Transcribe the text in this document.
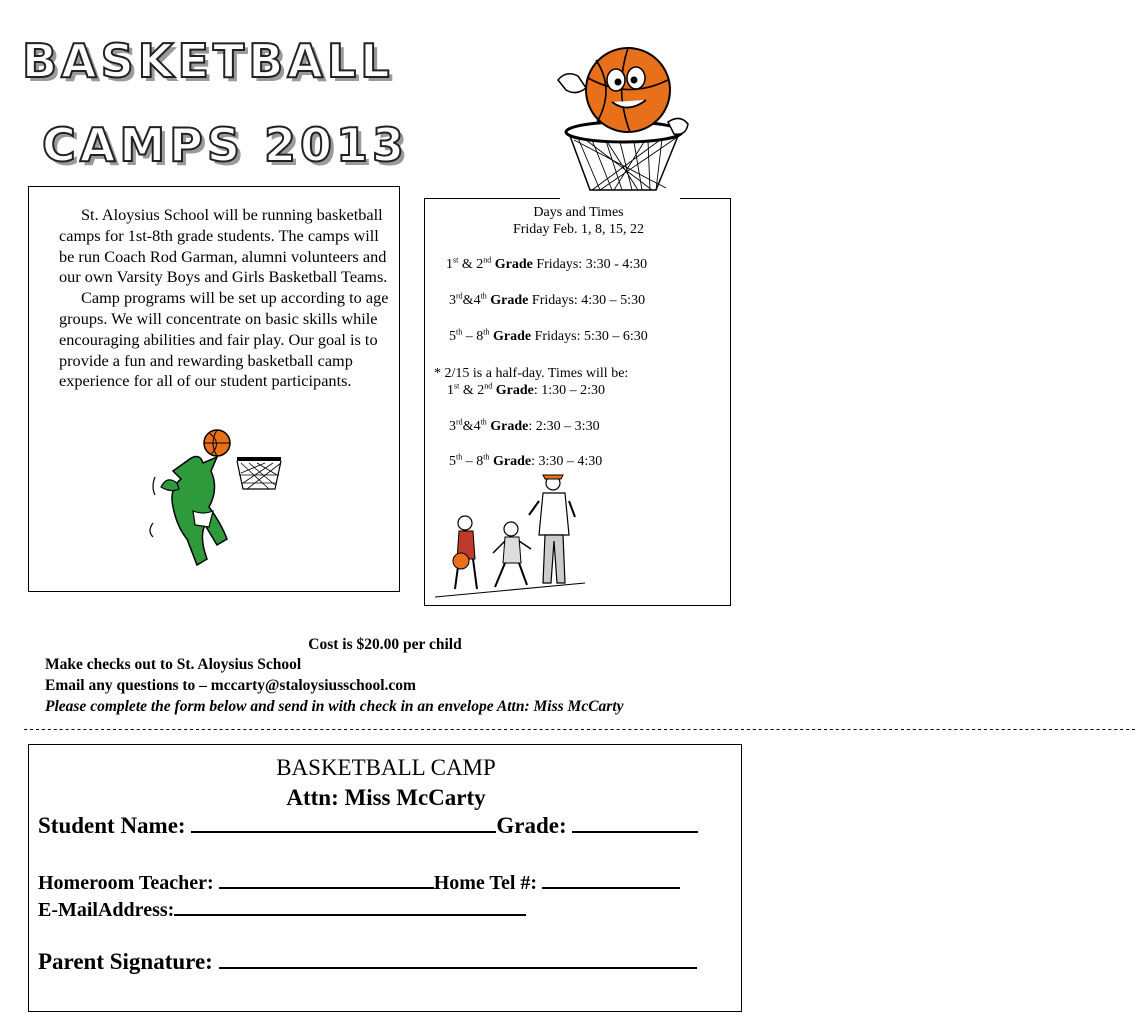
BASKETBALL
CAMPS 2013

St. Aloysius School will be running basketball camps for 1st-8th grade students. The camps will be run Coach Rod Garman, alumni volunteers and our own Varsity Boys and Girls Basketball Teams.

Camp programs will be set up according to age groups. We will concentrate on basic skills while encouraging abilities and fair play. Our goal is to provide a fun and rewarding basketball camp experience for all of our student participants.

Days and Times
Friday Feb. 1, 8, 15, 22
1st & 2nd Grade Fridays: 3:30 - 4:30
3rd&4th Grade Fridays: 4:30 – 5:30
5th – 8th Grade Fridays: 5:30 – 6:30
* 2/15 is a half-day. Times will be:
1st & 2nd Grade: 1:30 – 2:30
3rd&4th Grade: 2:30 – 3:30
5th – 8th Grade: 3:30 – 4:30
Cost is $20.00 per child
Make checks out to St. Aloysius School
Email any questions to – mccarty@staloysiusschool.com
Please complete the form below and send in with check in an envelope Attn: Miss McCarty
--------------------------------------------------------------------------------------------------------------------------------------------------------------------------------------------
BASKETBALL CAMP
Attn: Miss McCarty
Student Name:	Grade:
Homeroom Teacher:	Home Tel #:
E-MailAddress:
Parent Signature:
